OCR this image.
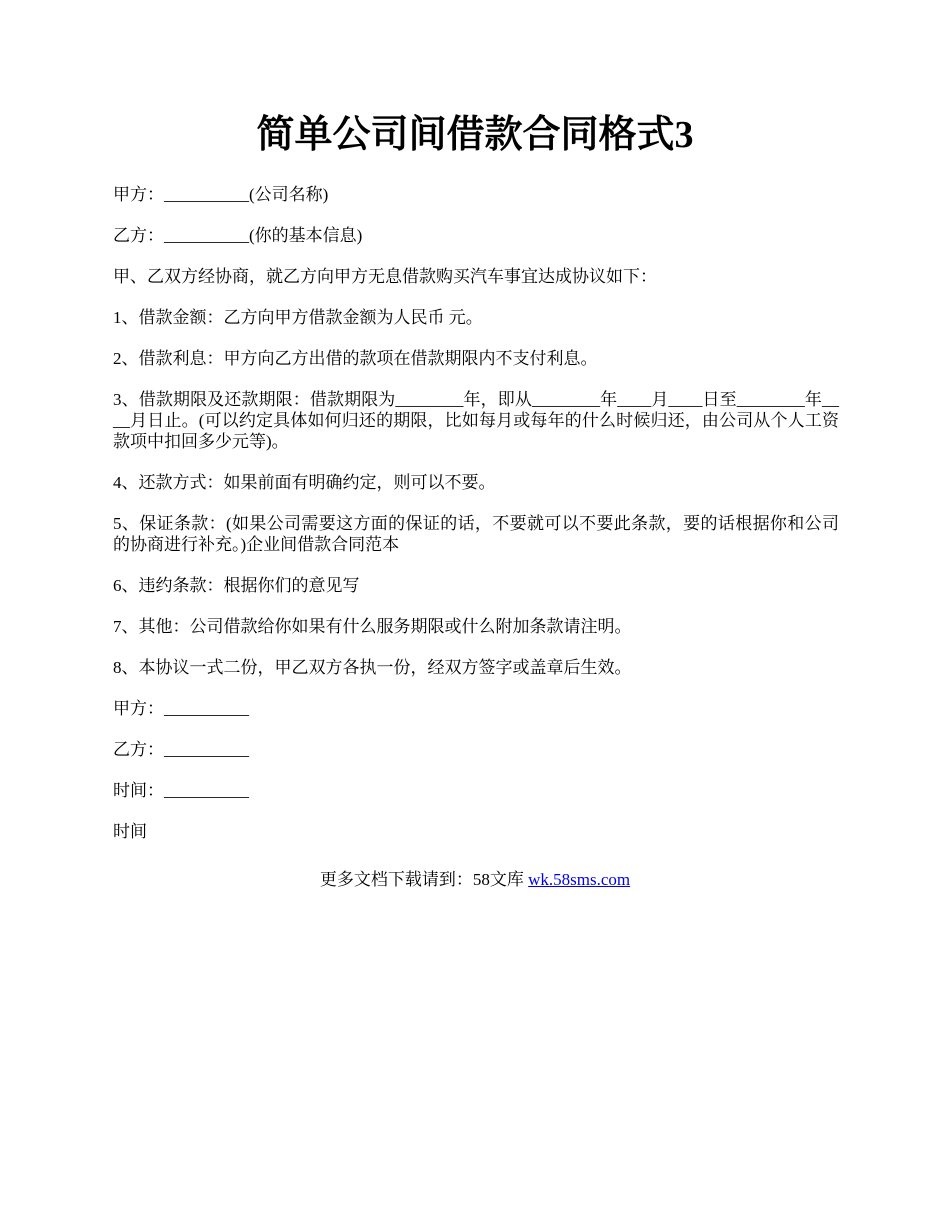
简单公司间借款合同格式3

甲方：__________(公司名称)

乙方：__________(你的基本信息)

甲、乙双方经协商，就乙方向甲方无息借款购买汽车事宜达成协议如下：

1、借款金额：乙方向甲方借款金额为人民币 元。

2、借款利息：甲方向乙方出借的款项在借款期限内不支付利息。

3、借款期限及还款期限：借款期限为________年，即从________年____月____日至________年____月日止。(可以约定具体如何归还的期限，比如每月或每年的什么时候归还，由公司从个人工资款项中扣回多少元等)。

4、还款方式：如果前面有明确约定，则可以不要。

5、保证条款：(如果公司需要这方面的保证的话，不要就可以不要此条款，要的话根据你和公司的协商进行补充。)企业间借款合同范本

6、违约条款：根据你们的意见写

7、其他：公司借款给你如果有什么服务期限或什么附加条款请注明。

8、本协议一式二份，甲乙双方各执一份，经双方签字或盖章后生效。

甲方：__________

乙方：__________

时间：__________

时间

更多文档下载请到：58文库 wk.58sms.com
